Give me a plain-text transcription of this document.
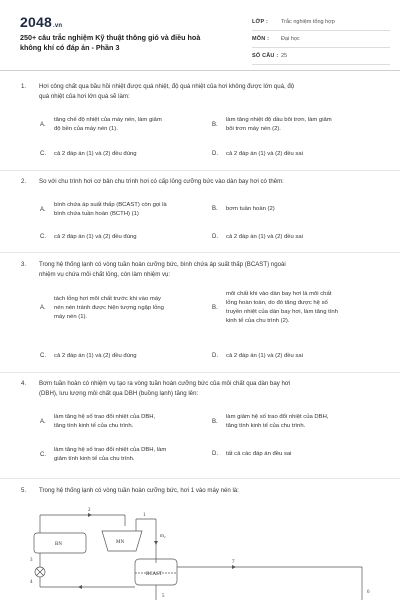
2048.vn
250+ câu trắc nghiệm Kỹ thuật thông gió và điều hoà
không khí có đáp án - Phần 3
LỚP :	Trắc nghiệm tổng hợp
MÔN :	Đại học
SỐ CÂU : 25
1.	Hơi công chất qua bầu hồi nhiệt được quá nhiệt, độ quá nhiệt của hơi không được lớn quá, độ
quá nhiệt của hơi lớn quá sẽ làm:
A.
tăng chế độ nhiệt của máy nén, làm giảm
độ bền của máy nén (1).
B.
làm tăng nhiệt độ dầu bôi trơn, làm giảm
bôi trơn máy nén (2).
C.	cả 2 đáp án (1) và (2) đều đúng	D.	cả 2 đáp án (1) và (2) đều sai
2.	So với chu trình hơi cơ bản chu trình hơi có cấp lỏng cưỡng bức vào dàn bay hơi có thêm:
A.
bình chứa áp suất thấp (BCAST) còn gọi là
bình chứa tuần hoàn (BCTH) (1)
B.	bơm tuần hoàn (2)
C.	cả 2 đáp án (1) và (2) đều đúng	D.	cả 2 đáp án (1) và (2) đều sai
3.	Trong hệ thống lạnh có vòng tuần hoàn cưỡng bức, bình chứa áp suất thấp (BCAST) ngoài
nhiệm vụ chứa môi chất lỏng, còn làm nhiệm vụ:
A.
tách lỏng hơi môi chất trước khi vào máy
nén nén tránh được hiện tượng ngập lỏng
máy nén (1).
B.
môi chất khi vào dàn bay hơi là môi chất
lỏng hoàn toàn, do đó tăng được hệ số
truyền nhiệt của dàn bay hơi, làm tăng tính
kinh tế của chu trình (2).
C.	cả 2 đáp án (1) và (2) đều đúng	D.	cả 2 đáp án (1) và (2) đều sai
4.	Bơm tuần hoàn có nhiệm vụ tạo ra vòng tuần hoàn cưỡng bức của môi chất qua dàn bay hơi
(DBH), lưu lượng môi chất qua DBH (buồng lạnh) tăng lên:
A.
làm tăng hệ số trao đổi nhiệt của DBH,
tăng tính kinh tế của chu trình.
B.
làm giảm hệ số trao đổi nhiệt của DBH,
tăng tính kinh tế của chu trình.
C.
làm tăng hệ số trao đổi nhiệt của DBH, làm
giảm tính kinh tế của chu trình.
D.	tất cả các đáp án đều sai
5.	Trong hệ thống lạnh có vòng tuần hoàn cưỡng bức, hơi 1 vào máy nén là:
BN	MN
BCAST
2
1
3
4
m₂
7
5
6
